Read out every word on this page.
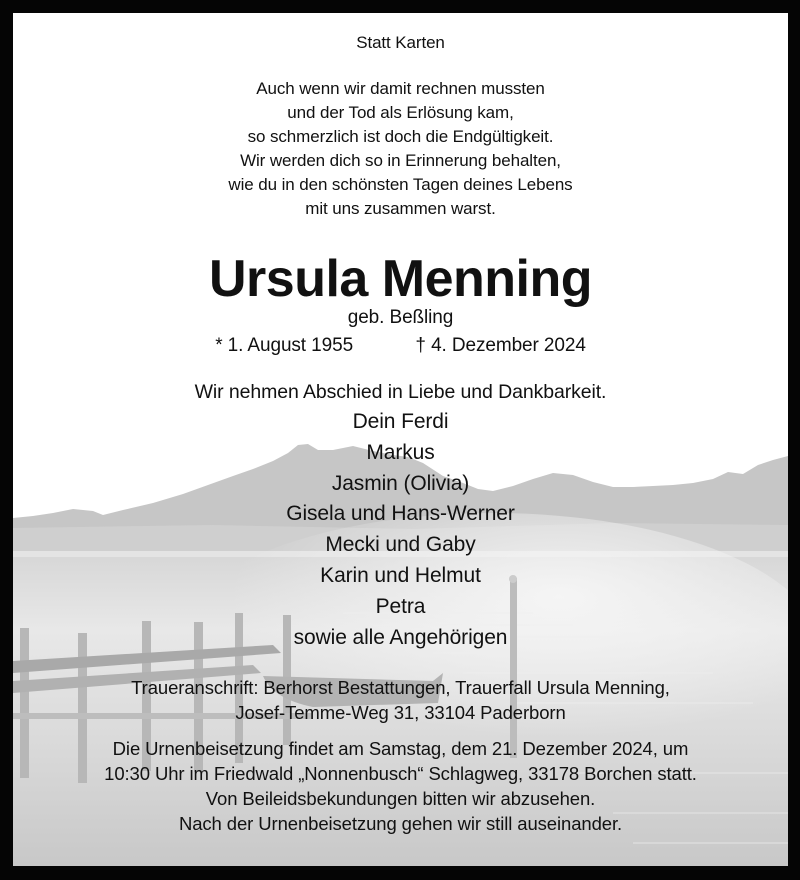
Statt Karten
Auch wenn wir damit rechnen mussten
und der Tod als Erlösung kam,
so schmerzlich ist doch die Endgültigkeit.
Wir werden dich so in Erinnerung behalten,
wie du in den schönsten Tagen deines Lebens
mit uns zusammen warst.
Ursula Menning
geb. Beßling
* 1. August 1955	† 4. Dezember 2024
Wir nehmen Abschied in Liebe und Dankbarkeit.
Dein Ferdi
Markus
Jasmin (Olivia)
Gisela und Hans-Werner
Mecki und Gaby
Karin und Helmut
Petra
sowie alle Angehörigen
Traueranschrift: Berhorst Bestattungen, Trauerfall Ursula Menning,
Josef-Temme-Weg 31, 33104 Paderborn
Die Urnenbeisetzung findet am Samstag, dem 21. Dezember 2024, um
10:30 Uhr im Friedwald „Nonnenbusch“ Schlagweg, 33178 Borchen statt.
Von Beileidsbekundungen bitten wir abzusehen.
Nach der Urnenbeisetzung gehen wir still auseinander.
